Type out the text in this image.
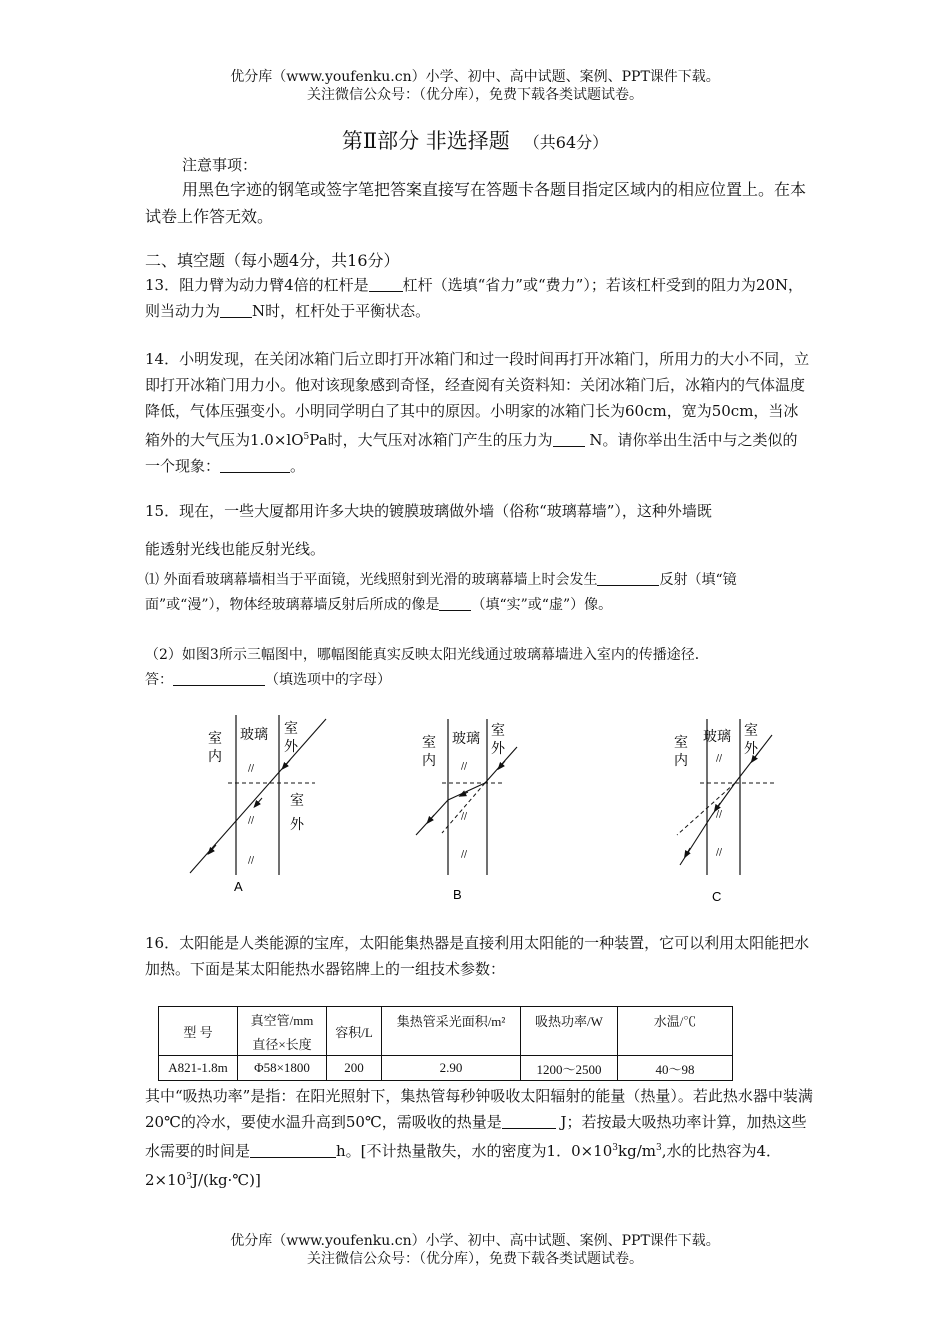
优分库（www.youfenku.cn）小学、初中、高中试题、案例、PPT课件下载。
关注微信公众号：（优分库），免费下载各类试题试卷。
第Ⅱ部分 非选择题 （共64分）
注意事项：
用黑色字迹的钢笔或签字笔把答案直接写在答题卡各题目指定区域内的相应位置上。在本试卷上作答无效。
二、填空题（每小题4分，共16分）
13．阻力臂为动力臂4倍的杠杆是 杠杆（选填“省力”或“费力”）；若该杠杆受到的阻力为20N，则当动力为 N时，杠杆处于平衡状态。
14．小明发现，在关闭冰箱门后立即打开冰箱门和过一段时间再打开冰箱门，所用力的大小不同，立即打开冰箱门用力小。他对该现象感到奇怪，经查阅有关资料知：关闭冰箱门后，冰箱内的气体温度降低，气体压强变小。小明同学明白了其中的原因。小明家的冰箱门长为60cm，宽为50cm，当冰箱外的大气压为$1.0\times lO^5Pa$时，大气压对冰箱门产生的压力为 N。请你举出生活中与之类似的一个现象：	。
15．现在，一些大厦都用许多大块的镀膜玻璃做外墙（俗称“玻璃幕墙”），这种外墙既
能透射光线也能反射光线。
⑴ 外面看玻璃幕墙相当于平面镜，光线照射到光滑的玻璃幕墙上时会发生	反射（填“镜面”或“漫”），物体经玻璃幕墙反射后所成的像是 （填“实”或“虚”）像。
（2）如图3所示三幅图中，哪幅图能真实反映太阳光线通过玻璃幕墙进入室内的传播途径．
答：	（填选项中的字母）
//
//
//
室
内
玻璃 室
外
室
外
A
//
//
//
室
内
玻璃 室
外
B
//
//
//
室
内
玻璃 室
外
C
16．太阳能是人类能源的宝库，太阳能集热器是直接利用太阳能的一种装置，它可以利用太阳能把水加热。下面是某太阳能热水器铭牌上的一组技术参数：
型 号	真空管/mm	容积/L	集热管采光面积/m²	吸热功率/W	水温/℃
	直径×长度				
A821-1.8m	Φ58×1800	200	2.90	1200～2500	40～98
其中“吸热功率”是指：在阳光照射下，集热管每秒钟吸收太阳辐射的能量（热量）。若此热水器中装满20℃的冷水，要使水温升高到50℃，需吸收的热量是	J；若按最大吸热功率计算，加热这些水需要的时间是	h。[不计热量散失，水的密度为1．$0\times 10^3kg/m^3$,水的比热容为4．$2\times 10^3J/(kg\cdot℃)$]
优分库（www.youfenku.cn）小学、初中、高中试题、案例、PPT课件下载。
关注微信公众号：（优分库），免费下载各类试题试卷。
